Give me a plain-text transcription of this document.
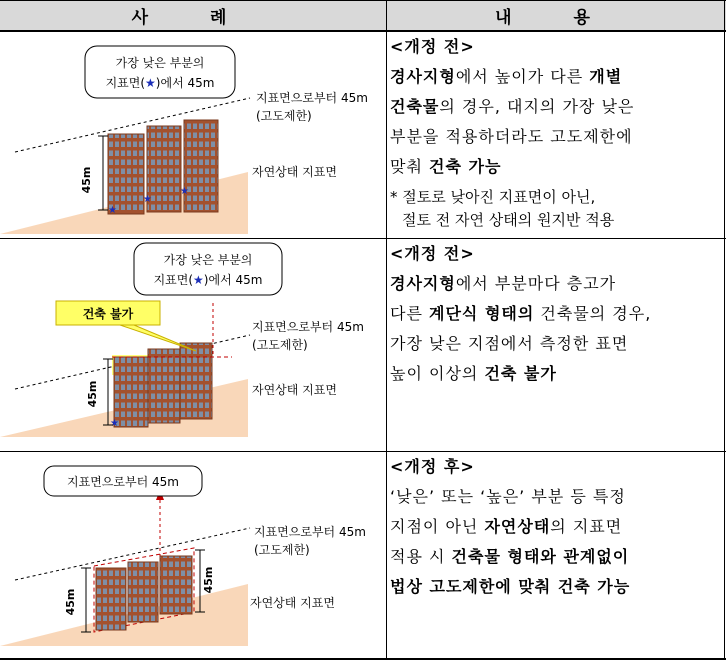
사 례	내 용
★
★
★
45m
가장 낮은 부분의
지표면(★)에서 45m
지표면으로부터 45m
(고도제한)
자연상태 지표면
<개정 전>

경사지형에서 높이가 다른 개별

건축물의 경우, 대지의 가장 낮은

부분을 적용하더라도 고도제한에

맞춰 건축 가능

* 절토로 낮아진 지표면이 아닌,
절토 전 자연 상태의 원지반 적용
★
45m
가장 낮은 부분의
지표면(★)에서 45m
건축 불가
지표면으로부터 45m
(고도제한)
자연상태 지표면
<개정 전>

경사지형에서 부분마다 층고가

다른 계단식 형태의 건축물의 경우,

가장 낮은 지점에서 측정한 표면

높이 이상의 건축 불가

45m
45m
지표면으로부터 45m
지표면으로부터 45m
(고도제한)
자연상태 지표면
<개정 후>

‘낮은’ 또는 ‘높은’ 부분 등 특정

지점이 아닌 자연상태의 지표면

적용 시 건축물 형태와 관계없이

법상 고도제한에 맞춰 건축 가능
